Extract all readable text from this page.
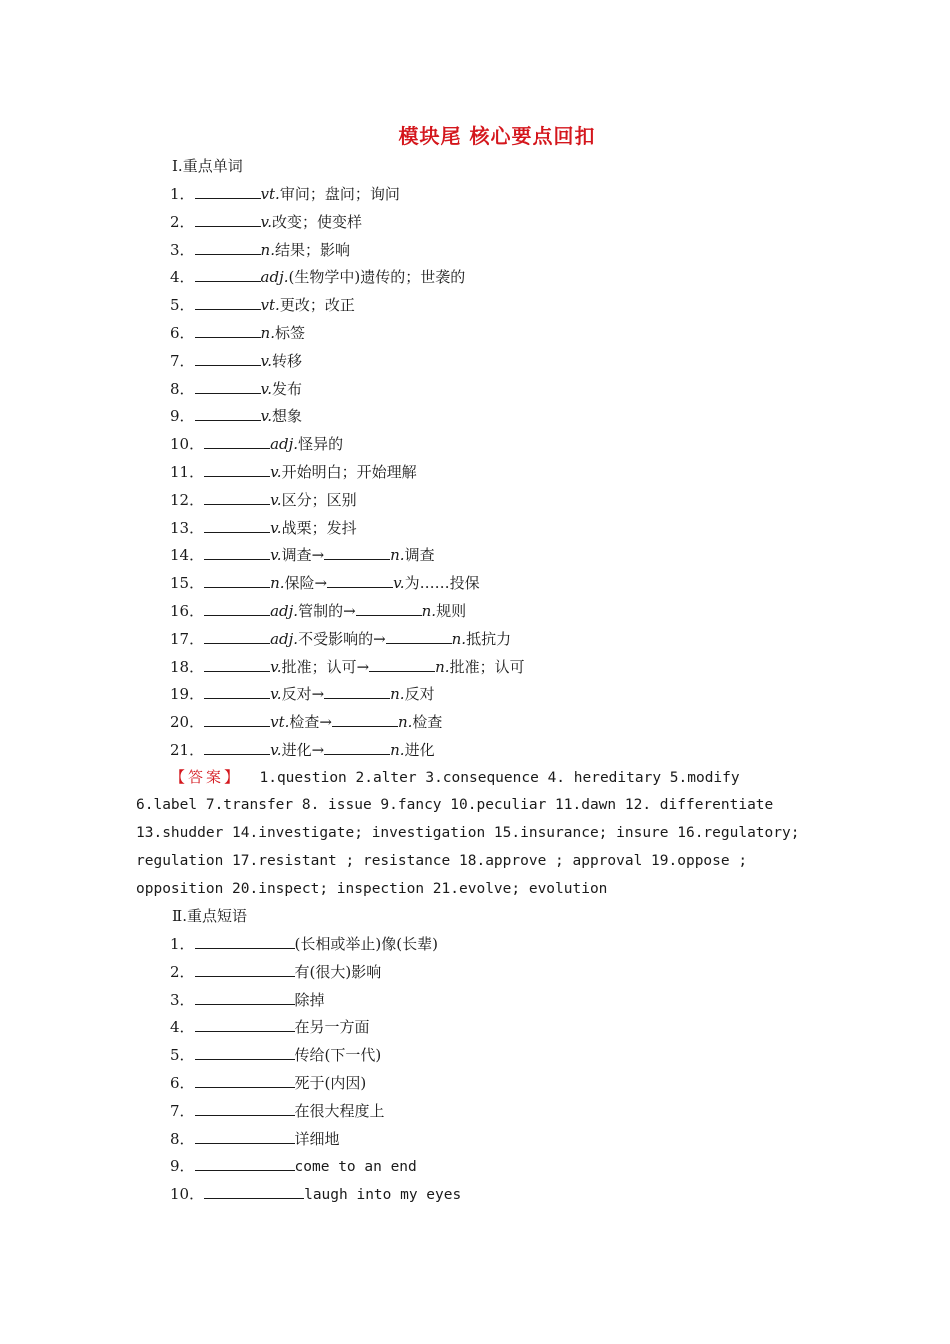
模块尾 核心要点回扣
Ⅰ.重点单词
1．	vt.审问；盘问；询问
2．	v.改变；使变样
3．	n.结果；影响
4．	adj.(生物学中)遗传的；世袭的
5．	vt.更改；改正
6．	n.标签
7．	v.转移
8．	v.发布
9．	v.想象
10．	adj.怪异的
11．	v.开始明白；开始理解
12．	v.区分；区别
13．	v.战栗；发抖
14．	v.调查→	n.调查
15．	n.保险→	v.为……投保
16．	adj.管制的→	n.规则
17．	adj.不受影响的→	n.抵抗力
18．	v.批准；认可→	n.批准；认可
19．	v.反对→	n.反对
20．	vt.检查→	n.检查
21．	v.进化→	n.进化
【答案】 1.question 2.alter 3.consequence 4. hereditary 5.modify
6.label 7.transfer 8. issue 9.fancy 10.peculiar 11.dawn 12. differentiate
13.shudder 14.investigate; investigation 15.insurance; insure 16.regulatory;
regulation 17.resistant ; resistance 18.approve ; approval 19.oppose ;
opposition 20.inspect; inspection 21.evolve; evolution
Ⅱ.重点短语
1．	(长相或举止)像(长辈)
2．	有(很大)影响
3．	除掉
4．	在另一方面
5．	传给(下一代)
6．	死于(内因)
7．	在很大程度上
8．	详细地
9．	come to an end
10．	laugh into my eyes
